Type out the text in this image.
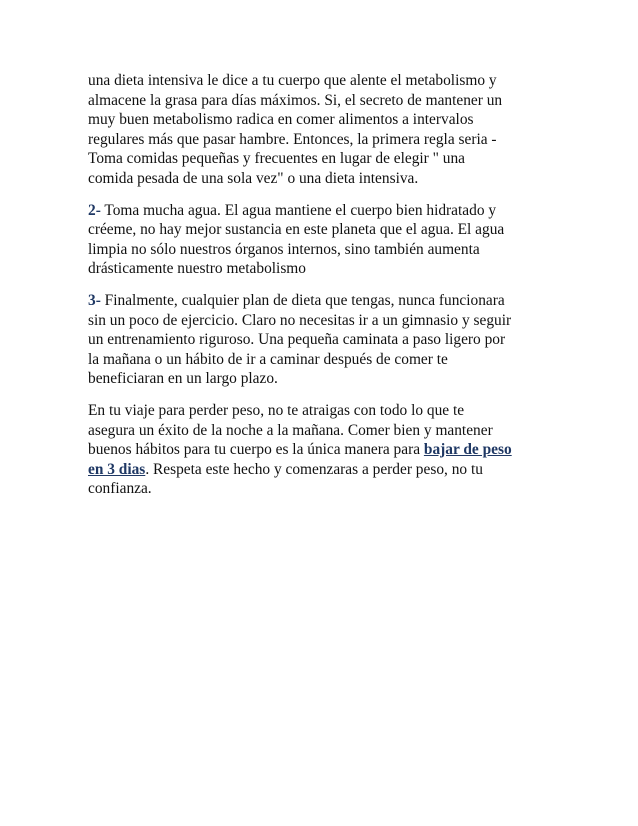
una dieta intensiva le dice a tu cuerpo que alente el metabolismo y
almacene la grasa para días máximos. Si, el secreto de mantener un
muy buen metabolismo radica en comer alimentos a intervalos
regulares más que pasar hambre. Entonces, la primera regla seria -
Toma comidas pequeñas y frecuentes en lugar de elegir " una
comida pesada de una sola vez" o una dieta intensiva.

2- Toma mucha agua. El agua mantiene el cuerpo bien hidratado y
créeme, no hay mejor sustancia en este planeta que el agua. El agua
limpia no sólo nuestros órganos internos, sino también aumenta
drásticamente nuestro metabolismo

3- Finalmente, cualquier plan de dieta que tengas, nunca funcionara
sin un poco de ejercicio. Claro no necesitas ir a un gimnasio y seguir
un entrenamiento riguroso. Una pequeña caminata a paso ligero por
la mañana o un hábito de ir a caminar después de comer te
beneficiaran en un largo plazo.

En tu viaje para perder peso, no te atraigas con todo lo que te
asegura un éxito de la noche a la mañana. Comer bien y mantener
buenos hábitos para tu cuerpo es la única manera para bajar de peso
en 3 dias. Respeta este hecho y comenzaras a perder peso, no tu
confianza.
